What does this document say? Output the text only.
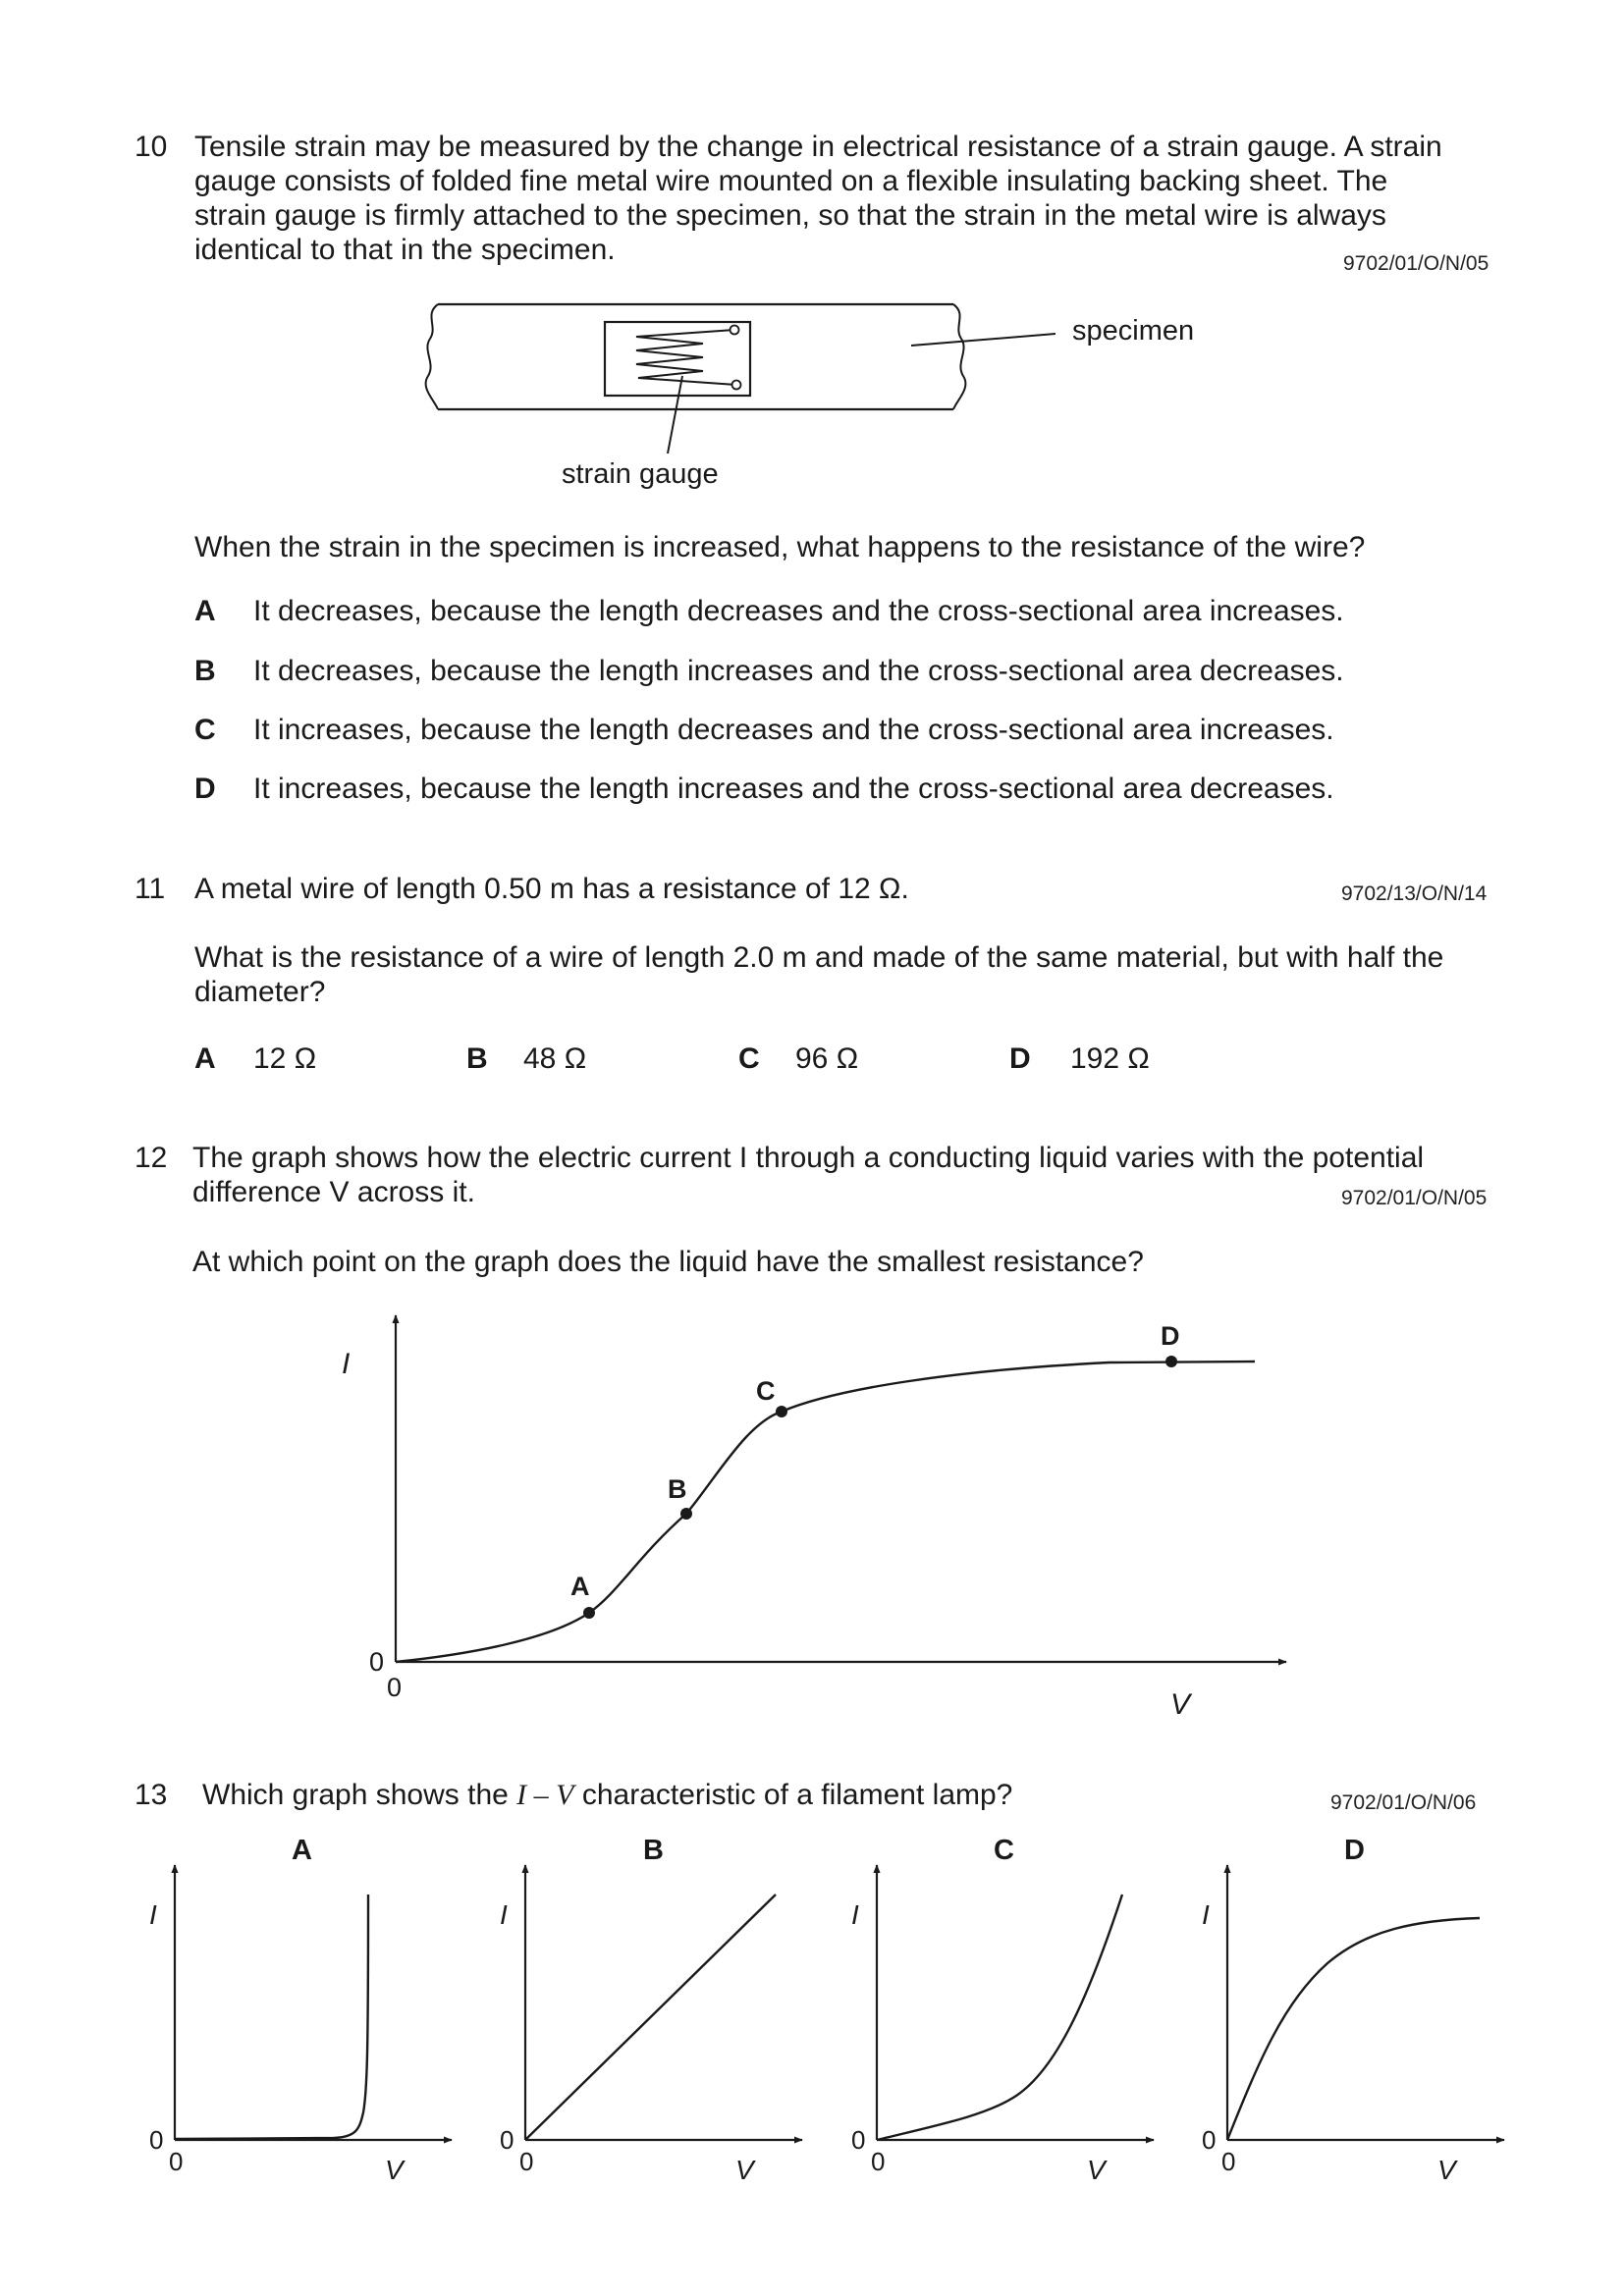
10 Tensile strain may be measured by the change in electrical resistance of a strain gauge. A strain
gauge consists of folded fine metal wire mounted on a flexible insulating backing sheet. The
strain gauge is firmly attached to the specimen, so that the strain in the metal wire is always
identical to that in the specimen.	9702/01/O/N/05
specimen
strain gauge
When the strain in the specimen is increased, what happens to the resistance of the wire?
A It decreases, because the length decreases and the cross-sectional area increases.
B It decreases, because the length increases and the cross-sectional area decreases.
C It increases, because the length decreases and the cross-sectional area increases.
D It increases, because the length increases and the cross-sectional area decreases.
11 A metal wire of length 0.50 m has a resistance of 12 Ω.	9702/13/O/N/14
What is the resistance of a wire of length 2.0 m and made of the same material, but with half the
diameter?
A 12 Ω	B 48 Ω	C 96 Ω	D 192 Ω
12 The graph shows how the electric current I through a conducting liquid varies with the potential
difference V across it.	9702/01/O/N/05
At which point on the graph does the liquid have the smallest resistance?
A
B
C
D
I
V
0
0
13 Which graph shows the I – V characteristic of a filament lamp?	9702/01/O/N/06
A
I
V
0
0
B
I
V
0
0
C
I
V
0
0
D
I
V
0
0
